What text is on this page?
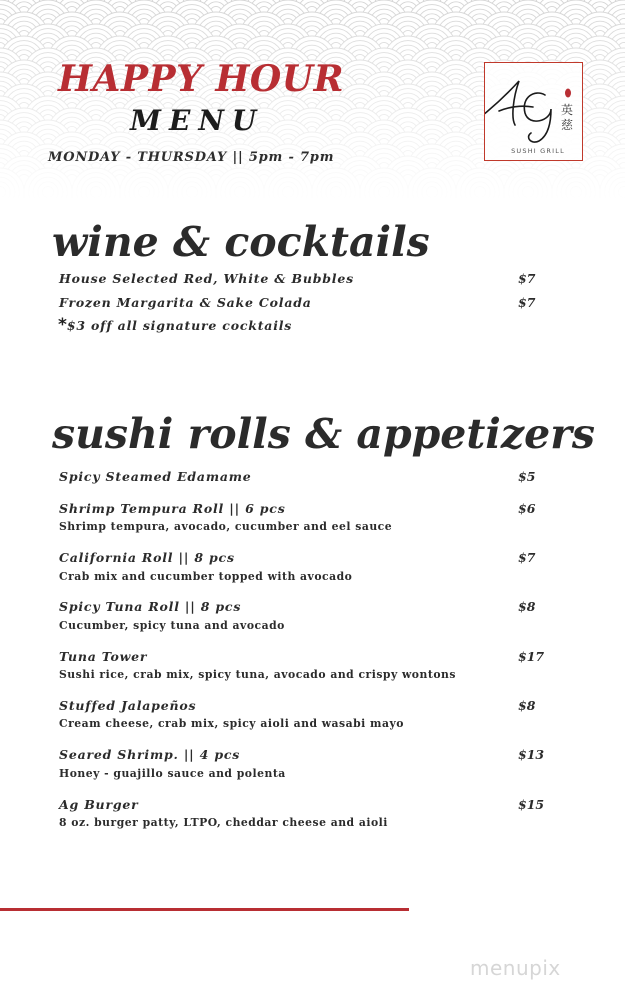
HAPPY HOUR
MENU
MONDAY - THURSDAY || 5pm - 7pm
英
慈
SUSHI GRILL
wine & cocktails
House Selected Red, White & Bubbles	$7
Frozen Margarita & Sake Colada	$7
*$3 off all signature cocktails
sushi rolls & appetizers
Spicy Steamed Edamame	$5
Shrimp Tempura Roll || 6 pcs	$6
Shrimp tempura, avocado, cucumber and eel sauce
California Roll || 8 pcs	$7
Crab mix and cucumber topped with avocado
Spicy Tuna Roll || 8 pcs	$8
Cucumber, spicy tuna and avocado
Tuna Tower	$17
Sushi rice, crab mix, spicy tuna, avocado and crispy wontons
Stuffed Jalapeños	$8
Cream cheese, crab mix, spicy aioli and wasabi mayo
Seared Shrimp. || 4 pcs	$13
Honey - guajillo sauce and polenta
Ag Burger	$15
8 oz. burger patty, LTPO, cheddar cheese and aioli
menupix
